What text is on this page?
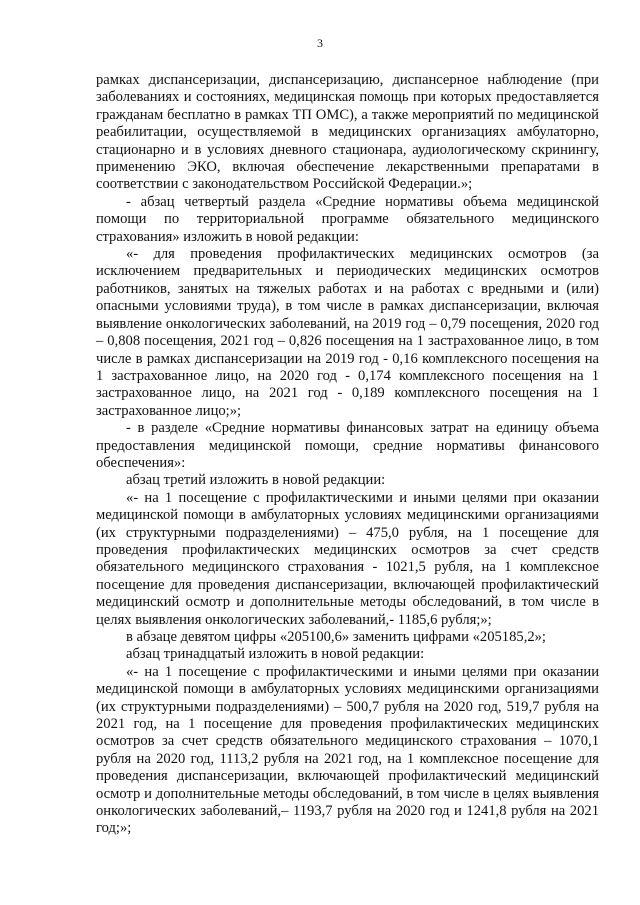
3

рамках диспансеризации, диспансеризацию, диспансерное наблюдение (при заболеваниях и состояниях, медицинская помощь при которых предоставляется гражданам бесплатно в рамках ТП ОМС), а также мероприятий по медицинской реабилитации, осуществляемой в медицинских организациях амбулаторно, стационарно и в условиях дневного стационара, аудиологическому скринингу, применению ЭКО, включая обеспечение лекарственными препаратами в соответствии с законодательством Российской Федерации.»;

- абзац четвертый раздела «Средние нормативы объема медицинской помощи по территориальной программе обязательного медицинского страхования» изложить в новой редакции:

«- для проведения профилактических медицинских осмотров (за исключением предварительных и периодических медицинских осмотров работников, занятых на тяжелых работах и на работах с вредными и (или) опасными условиями труда), в том числе в рамках диспансеризации, включая выявление онкологических заболеваний, на 2019 год – 0,79 посещения, 2020 год – 0,808 посещения, 2021 год – 0,826 посещения на 1 застрахованное лицо, в том числе в рамках диспансеризации на 2019 год - 0,16 комплексного посещения на 1 застрахованное лицо, на 2020 год - 0,174 комплексного посещения на 1 застрахованное лицо, на 2021 год - 0,189 комплексного посещения на 1 застрахованное лицо;»;

- в разделе «Средние нормативы финансовых затрат на единицу объема предоставления медицинской помощи, средние нормативы финансового обеспечения»:

абзац третий изложить в новой редакции:

«- на 1 посещение с профилактическими и иными целями при оказании медицинской помощи в амбулаторных условиях медицинскими организациями (их структурными подразделениями) – 475,0 рубля, на 1 посещение для проведения профилактических медицинских осмотров за счет средств обязательного медицинского страхования - 1021,5 рубля, на 1 комплексное посещение для проведения диспансеризации, включающей профилактический медицинский осмотр и дополнительные методы обследований, в том числе в целях выявления онкологических заболеваний,- 1185,6 рубля;»;

в абзаце девятом цифры «205100,6» заменить цифрами «205185,2»;

абзац тринадцатый изложить в новой редакции:

«- на 1 посещение с профилактическими и иными целями при оказании медицинской помощи в амбулаторных условиях медицинскими организациями (их структурными подразделениями) – 500,7 рубля на 2020 год, 519,7 рубля на 2021 год, на 1 посещение для проведения профилактических медицинских осмотров за счет средств обязательного медицинского страхования – 1070,1 рубля на 2020 год, 1113,2 рубля на 2021 год, на 1 комплексное посещение для проведения диспансеризации, включающей профилактический медицинский осмотр и дополнительные методы обследований, в том числе в целях выявления онкологических заболеваний,– 1193,7 рубля на 2020 год и 1241,8 рубля на 2021 год;»;
